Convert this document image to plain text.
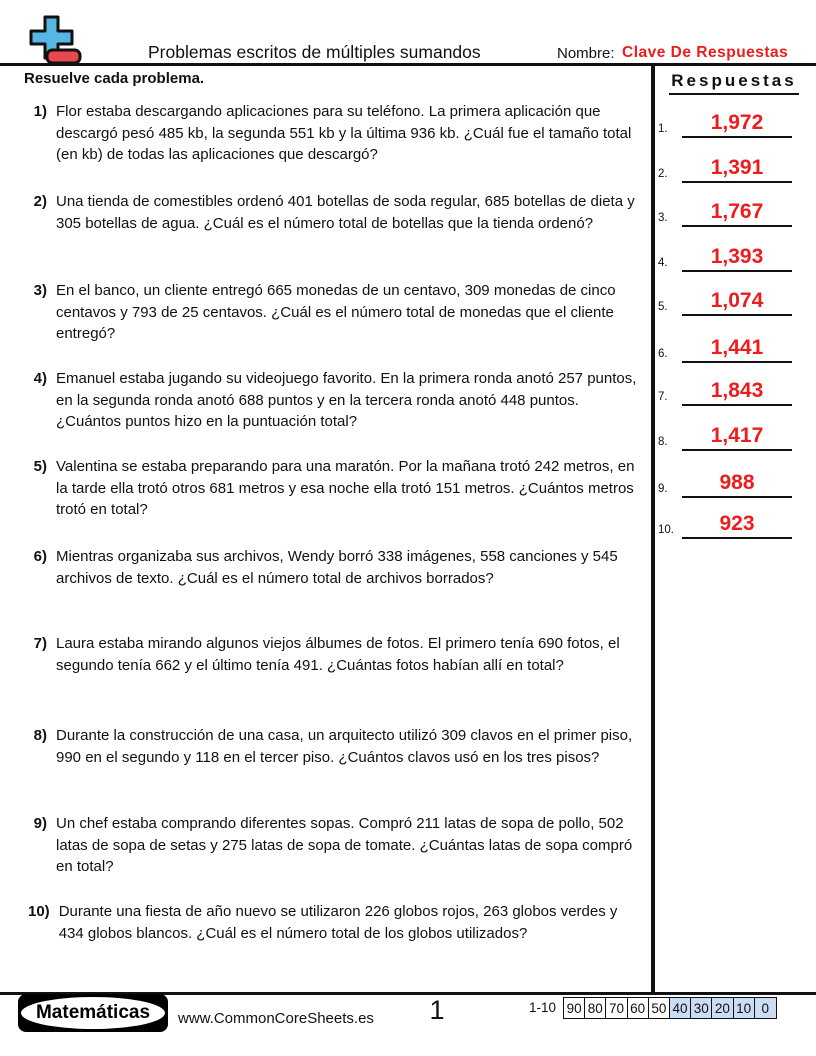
Problemas escritos de múltiples sumandos	Nombre: Clave De Respuestas
Resuelve cada problema.
1) Flor estaba descargando aplicaciones para su teléfono. La primera aplicación que descargó pesó 485 kb, la segunda 551 kb y la última 936 kb. ¿Cuál fue el tamaño total (en kb) de todas las aplicaciones que descargó?
2) Una tienda de comestibles ordenó 401 botellas de soda regular, 685 botellas de dieta y 305 botellas de agua. ¿Cuál es el número total de botellas que la tienda ordenó?
3) En el banco, un cliente entregó 665 monedas de un centavo, 309 monedas de cinco centavos y 793 de 25 centavos. ¿Cuál es el número total de monedas que el cliente entregó?
4) Emanuel estaba jugando su videojuego favorito. En la primera ronda anotó 257 puntos, en la segunda ronda anotó 688 puntos y en la tercera ronda anotó 448 puntos. ¿Cuántos puntos hizo en la puntuación total?
5) Valentina se estaba preparando para una maratón. Por la mañana trotó 242 metros, en la tarde ella trotó otros 681 metros y esa noche ella trotó 151 metros. ¿Cuántos metros trotó en total?
6) Mientras organizaba sus archivos, Wendy borró 338 imágenes, 558 canciones y 545 archivos de texto. ¿Cuál es el número total de archivos borrados?
7) Laura estaba mirando algunos viejos álbumes de fotos. El primero tenía 690 fotos, el segundo tenía 662 y el último tenía 491. ¿Cuántas fotos habían allí en total?
8) Durante la construcción de una casa, un arquitecto utilizó 309 clavos en el primer piso, 990 en el segundo y 118 en el tercer piso. ¿Cuántos clavos usó en los tres pisos?
9) Un chef estaba comprando diferentes sopas. Compró 211 latas de sopa de pollo, 502 latas de sopa de setas y 275 latas de sopa de tomate. ¿Cuántas latas de sopa compró en total?
10) Durante una fiesta de año nuevo se utilizaron 226 globos rojos, 263 globos verdes y 434 globos blancos. ¿Cuál es el número total de los globos utilizados?
Respuestas
1.	1,972
2.	1,391
3.	1,767
4.	1,393
5.	1,074
6.	1,441
7.	1,843
8.	1,417
9.	988
10.	923
Matemáticas www.CommonCoreSheets.es	1	1-10 90 80 70 60 50 40 30 20 10 0
